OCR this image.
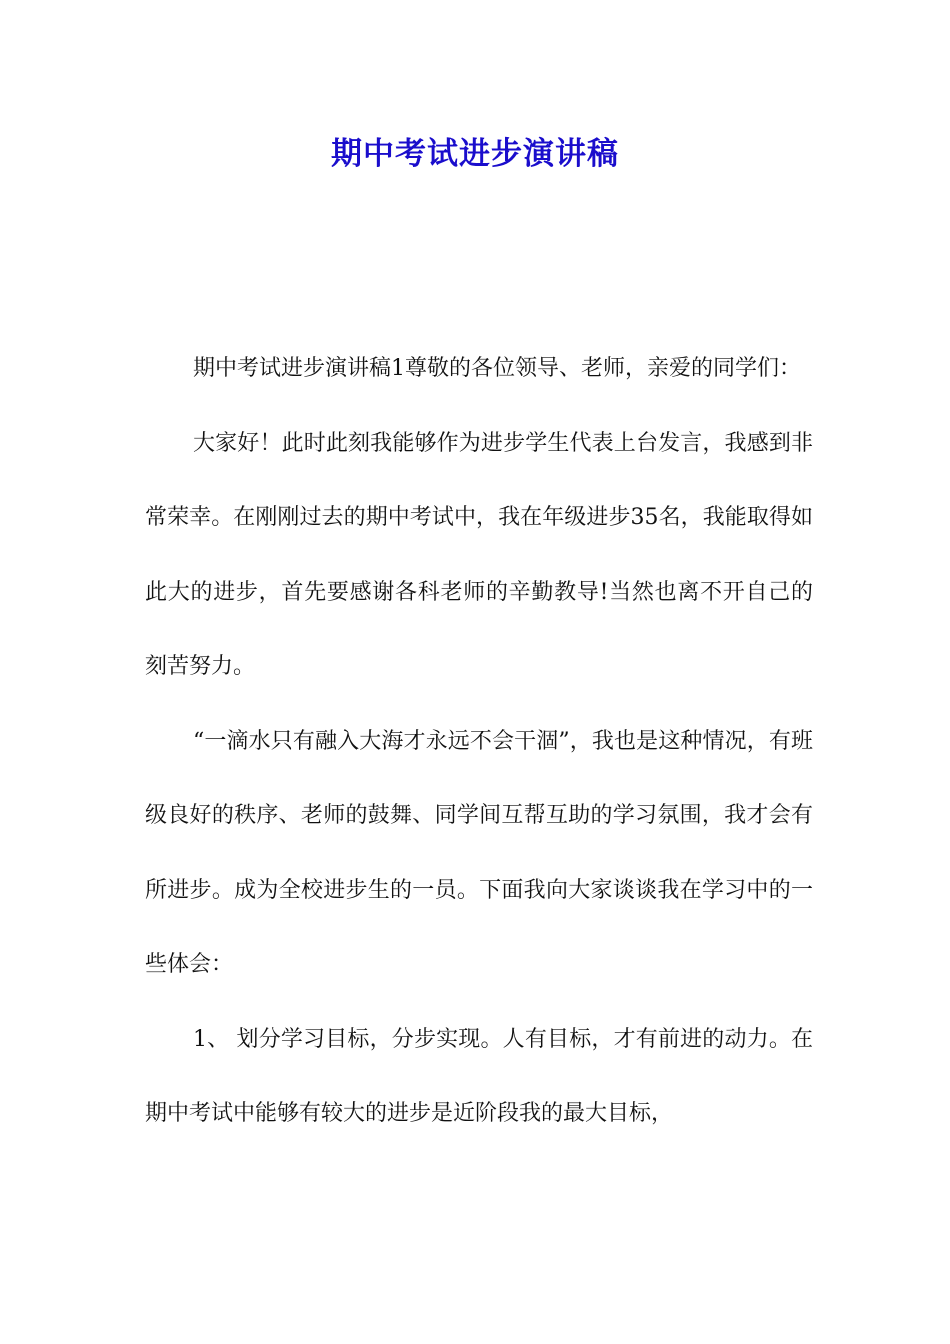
期中考试进步演讲稿

期中考试进步演讲稿1尊敬的各位领导、老师，亲爱的同学们：

大家好！此时此刻我能够作为进步学生代表上台发言，我感到非常荣幸。在刚刚过去的期中考试中，我在年级进步35名，我能取得如此大的进步，首先要感谢各科老师的辛勤教导!当然也离不开自己的刻苦努力。

“一滴水只有融入大海才永远不会干涸”，我也是这种情况，有班级良好的秩序、老师的鼓舞、同学间互帮互助的学习氛围，我才会有所进步。成为全校进步生的一员。下面我向大家谈谈我在学习中的一些体会：

1、 划分学习目标，分步实现。人有目标，才有前进的动力。在期中考试中能够有较大的进步是近阶段我的最大目标，
